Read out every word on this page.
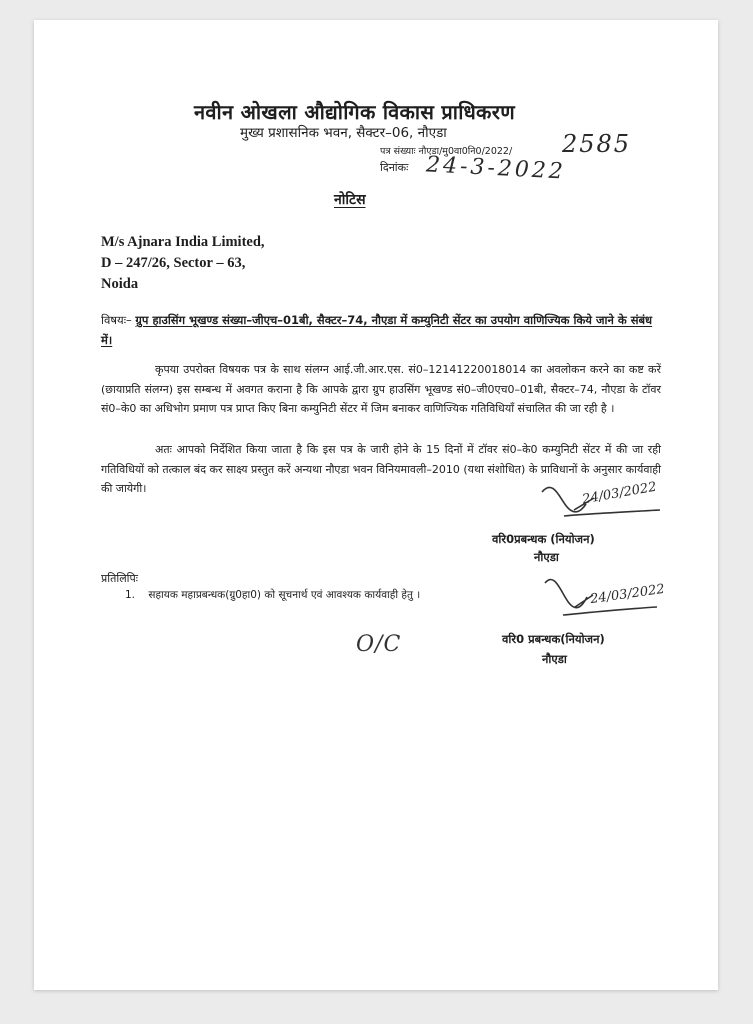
नवीन ओखला औद्योगिक विकास प्राधिकरण
मुख्य प्रशासनिक भवन, सैक्टर–06, नौएडा
पत्र संख्याः नौएडा/मु0वा0नि0/2022/ 2585
दिनांकः 24-3-2022
नोटिस
M/s Ajnara India Limited,
D – 247/26, Sector – 63,
Noida
विषयः– ग्रुप हाउसिंग भूखण्ड संख्या–जीएच–01बी, सैक्टर–74, नौएडा में कम्युनिटी सेंटर का उपयोग वाणिज्यिक किये जाने के संबंध में।

कृपया उपरोक्त विषयक पत्र के साथ संलग्न आई.जी.आर.एस. सं0–12141220018014 का अवलोकन करने का कष्ट करें (छायाप्रति संलग्न) इस सम्बन्ध में अवगत कराना है कि आपके द्वारा ग्रुप हाउसिंग भूखण्ड सं0–जी0एच0–01बी, सैक्टर–74, नौएडा के टॉवर सं0–के0 का अधिभोग प्रमाण पत्र प्राप्त किए बिना कम्युनिटी सेंटर में जिम बनाकर वाणिज्यिक गतिविधियाँ संचालित की जा रही है ।

अतः आपको निर्देशित किया जाता है कि इस पत्र के जारी होने के 15 दिनों में टॉवर सं0–के0 कम्युनिटी सेंटर में की जा रही गतिविधियों को तत्काल बंद कर साक्ष्य प्रस्तुत करें अन्यथा नौएडा भवन विनियमावली–2010 (यथा संशोधित) के प्राविधानों के अनुसार कार्यवाही की जायेगी।	24/03/2022
वरि0प्रबन्धक (नियोजन)
नौएडा
प्रतिलिपिः
1. सहायक महाप्रबन्धक(ग्रु0हा0) को सूचनार्थ एवं आवश्यक कार्यवाही हेतु ।	24/03/2022
O/C	वरि0 प्रबन्धक(नियोजन)
नौएडा
